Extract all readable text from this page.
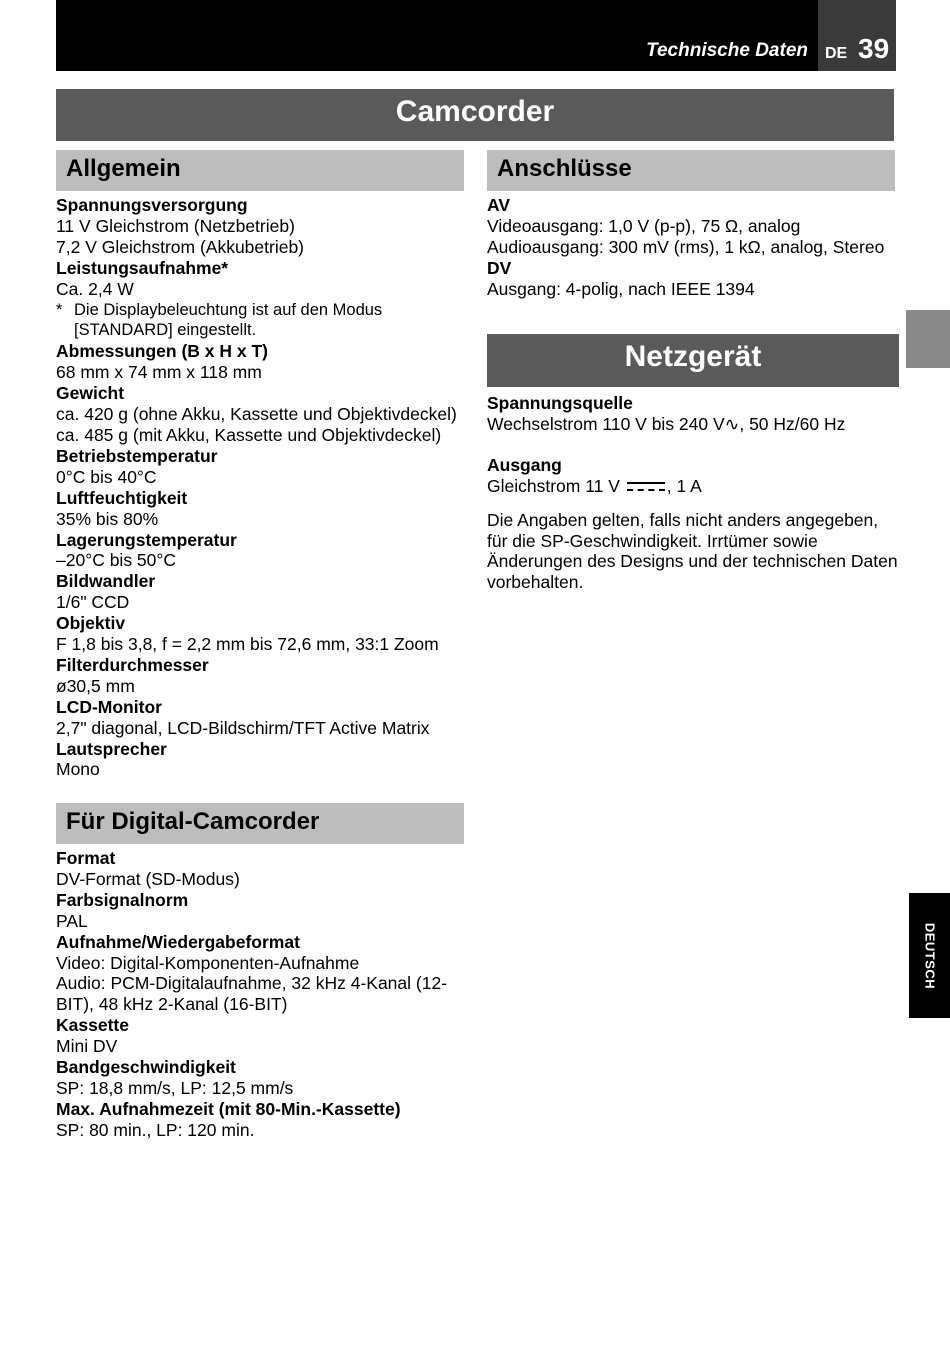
Technische Daten DE 39
Camcorder
Allgemein
Spannungsversorgung
11 V Gleichstrom (Netzbetrieb)
7,2 V Gleichstrom (Akkubetrieb)
Leistungsaufnahme*
Ca. 2,4 W
* Die Displaybeleuchtung ist auf den Modus [STANDARD] eingestellt.
Abmessungen (B x H x T)
68 mm x 74 mm x 118 mm
Gewicht
ca. 420 g (ohne Akku, Kassette und Objektivdeckel)
ca. 485 g (mit Akku, Kassette und Objektivdeckel)
Betriebstemperatur
0°C bis 40°C
Luftfeuchtigkeit
35% bis 80%
Lagerungstemperatur
–20°C bis 50°C
Bildwandler
1/6" CCD
Objektiv
F 1,8 bis 3,8, f = 2,2 mm bis 72,6 mm, 33:1 Zoom
Filterdurchmesser
ø30,5 mm
LCD-Monitor
2,7" diagonal, LCD-Bildschirm/TFT Active Matrix
Lautsprecher
Mono
Für Digital-Camcorder
Format
DV-Format (SD-Modus)
Farbsignalnorm
PAL
Aufnahme/Wiedergabeformat
Video: Digital-Komponenten-Aufnahme
Audio: PCM-Digitalaufnahme, 32 kHz 4-Kanal (12-BIT), 48 kHz 2-Kanal (16-BIT)
Kassette
Mini DV
Bandgeschwindigkeit
SP: 18,8 mm/s, LP: 12,5 mm/s
Max. Aufnahmezeit (mit 80-Min.-Kassette)
SP: 80 min., LP: 120 min.
Anschlüsse
AV
Videoausgang: 1,0 V (p-p), 75 Ω, analog
Audioausgang: 300 mV (rms), 1 kΩ, analog, Stereo
DV
Ausgang: 4-polig, nach IEEE 1394
Netzgerät
Spannungsquelle
Wechselstrom 110 V bis 240 V∿, 50 Hz/60 Hz
Ausgang
Gleichstrom 11 V	, 1 A
Die Angaben gelten, falls nicht anders angegeben, für die SP-Geschwindigkeit. Irrtümer sowie Änderungen des Designs und der technischen Daten vorbehalten.
DEUTSCH
